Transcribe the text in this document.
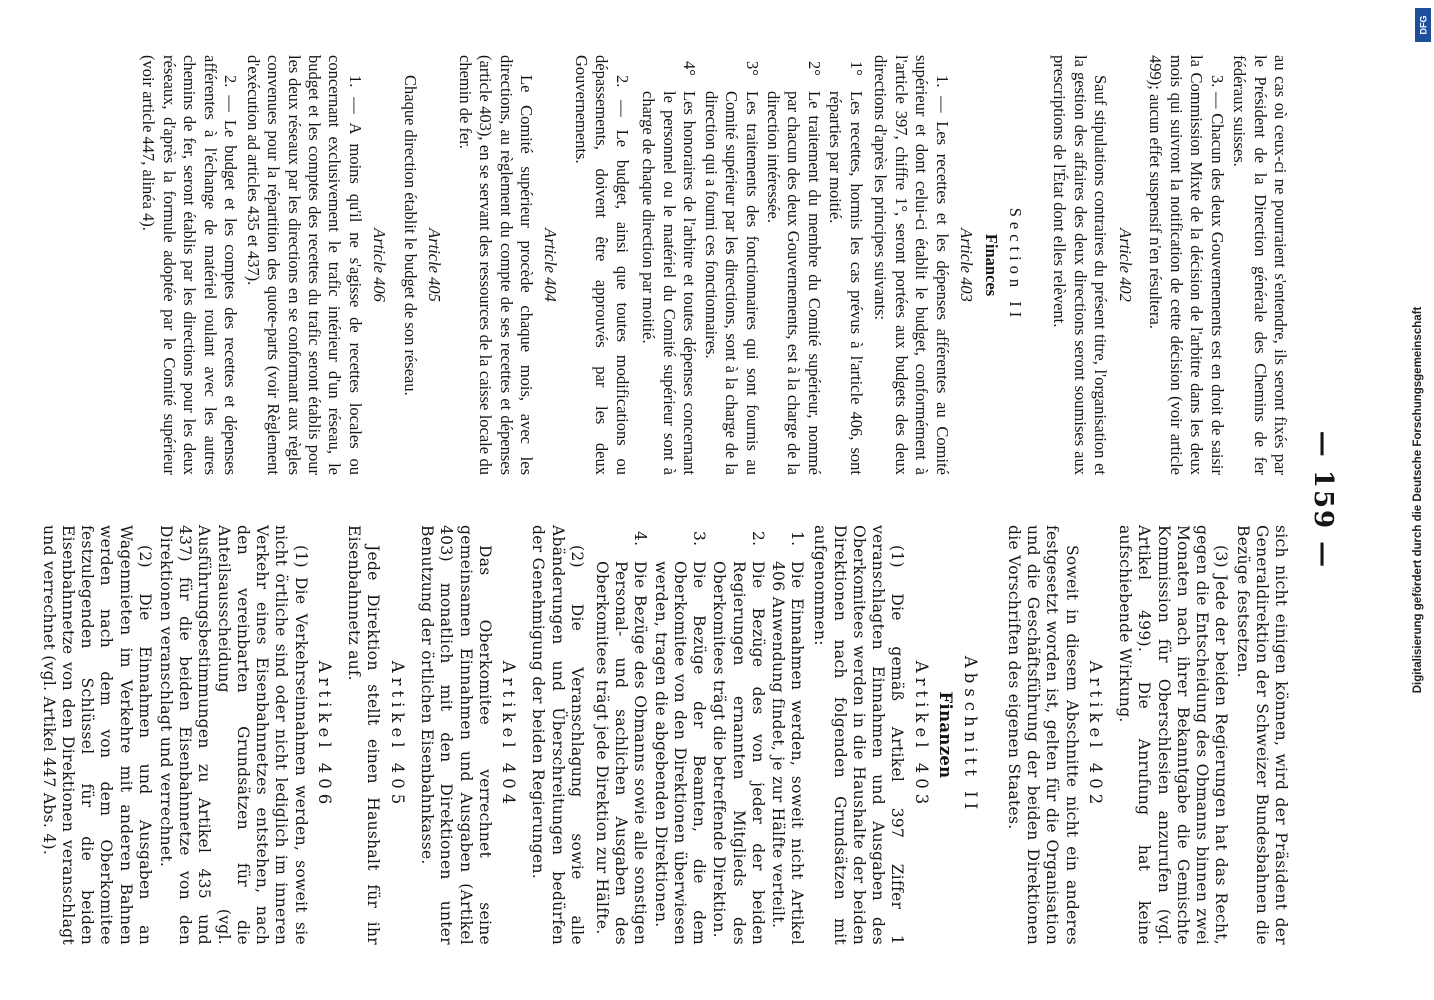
— 159 —

au cas où ceux-ci ne pourraient s'entendre, ils seront fixés par le Président de la Direction générale des Chemins de fer fédéraux suisses.

3. — Chacun des deux Gouvernements est en droit de saisir la Commission Mixte de la décision de l'arbitre dans les deux mois qui suivront la notification de cette décision (voir article 499); aucun effet suspensif n'en résultera.

Article 402

Sauf stipulations contraires du présent titre, l'organisation et la gestion des affaires des deux directions seront soumises aux prescriptions de l'État dont elles relèvent.

Section II
Finances
Article 403

1. — Les recettes et les dépenses afférentes au Comité supérieur et dont celui-ci établit le budget, conformément à l'article 397, chiffre 1°, seront portées aux budgets des deux directions d'après les principes suivants:

1°
Les recettes, hormis les cas prévus à l'article 406, sont réparties par moitié.
2°
Le traitement du membre du Comité supérieur, nommé par chacun des deux Gouvernements, est à la charge de la direction intéressée.
3°
Les traitements des fonctionnaires qui sont fournis au Comité supérieur par les directions, sont à la charge de la direction qui a fourni ces fonctionnaires.
4°
Les honoraires de l'arbitre et toutes dépenses concernant le personnel ou le matériel du Comité supérieur sont à charge de chaque direction par moitié.

2. — Le budget, ainsi que toutes modifications ou dépassements, doivent être approuvés par les deux Gouvernements.

Article 404

Le Comité supérieur procède chaque mois, avec les directions, au règlement du compte de ses recettes et dépenses (article 403), en se servant des ressources de la caisse locale du chemin de fer.

Article 405

Chaque direction établit le budget de son réseau.

Article 406

1. — A moins qu'il ne s'agisse de recettes locales ou concernant exclusivement le trafic intérieur d'un réseau, le budget et les comptes des recettes du trafic seront établis pour les deux réseaux par les directions en se conformant aux règles convenues pour la répartition des quote-parts (voir Règlement d'exécution ad articles 435 et 437).

2. — Le budget et les comptes des recettes et dépenses afférentes à l'échange de matériel roulant avec les autres chemins de fer, seront établis par les directions pour les deux réseaux, d'après la formule adoptée par le Comité supérieur (voir article 447, alinéa 4).

sich nicht einigen können, wird der Präsident der Generaldirektion der Schweizer Bundesbahnen die Bezüge festsetzen.

(3) Jede der beiden Regierungen hat das Recht, gegen die Entscheidung des Obmanns binnen zwei Monaten nach ihrer Bekanntgabe die Gemischte Kommission für Oberschlesien anzurufen (vgl. Artikel 499). Die Anrufung hat keine aufschiebende Wirkung.

Artikel 402

Soweit in diesem Abschnitte nicht ein anderes festgesetzt worden ist, gelten für die Organisation und die Geschäftsführung der beiden Direktionen die Vorschriften des eigenen Staates.

Abschnitt II
Finanzen
Artikel 403

(1) Die gemäß Artikel 397 Ziffer 1 veranschlagten Einnahmen und Ausgaben des Oberkomitees werden in die Haushalte der beiden Direktionen nach folgenden Grundsätzen mit aufgenommen:

1.
Die Einnahmen werden, soweit nicht Artikel 406 Anwendung findet, je zur Hälfte verteilt.
2.
Die Bezüge des von jeder der beiden Regierungen ernannten Mitglieds des Oberkomitees trägt die betreffende Direktion.
3.
Die Bezüge der Beamten, die dem Oberkomitee von den Direktionen überwiesen werden, tragen die abgebenden Direktionen.
4.
Die Bezüge des Obmanns sowie alle sonstigen Personal- und sachlichen Ausgaben des Oberkomitees trägt jede Direktion zur Hälfte.

(2) Die Veranschlagung sowie alle Abänderungen und Überschreitungen bedürfen der Genehmigung der beiden Regierungen.

Artikel 404

Das Oberkomitee verrechnet seine gemeinsamen Einnahmen und Ausgaben (Artikel 403) monatlich mit den Direktionen unter Benutzung der örtlichen Eisenbahnkasse.

Artikel 405

Jede Direktion stellt einen Haushalt für ihr Eisenbahnnetz auf.

Artikel 406

(1) Die Verkehrseinnahmen werden, soweit sie nicht örtliche sind oder nicht lediglich im inneren Verkehr eines Eisenbahnnetzes entstehen, nach den vereinbarten Grundsätzen für die Anteilsausscheidung (vgl. Ausführungsbestimmungen zu Artikel 435 und 437) für die beiden Eisenbahnnetze von den Direktionen veranschlagt und verrechnet.

(2) Die Einnahmen und Ausgaben an Wagenmieten im Verkehre mit anderen Bahnen werden nach dem von dem Oberkomitee festzulegenden Schlüssel für die beiden Eisenbahnnetze von den Direktionen veranschlagt und verrechnet (vgl. Artikel 447 Abs. 4).

DFG
Digitalisierung gefördert durch die Deutsche Forschungsgemeinschaft
